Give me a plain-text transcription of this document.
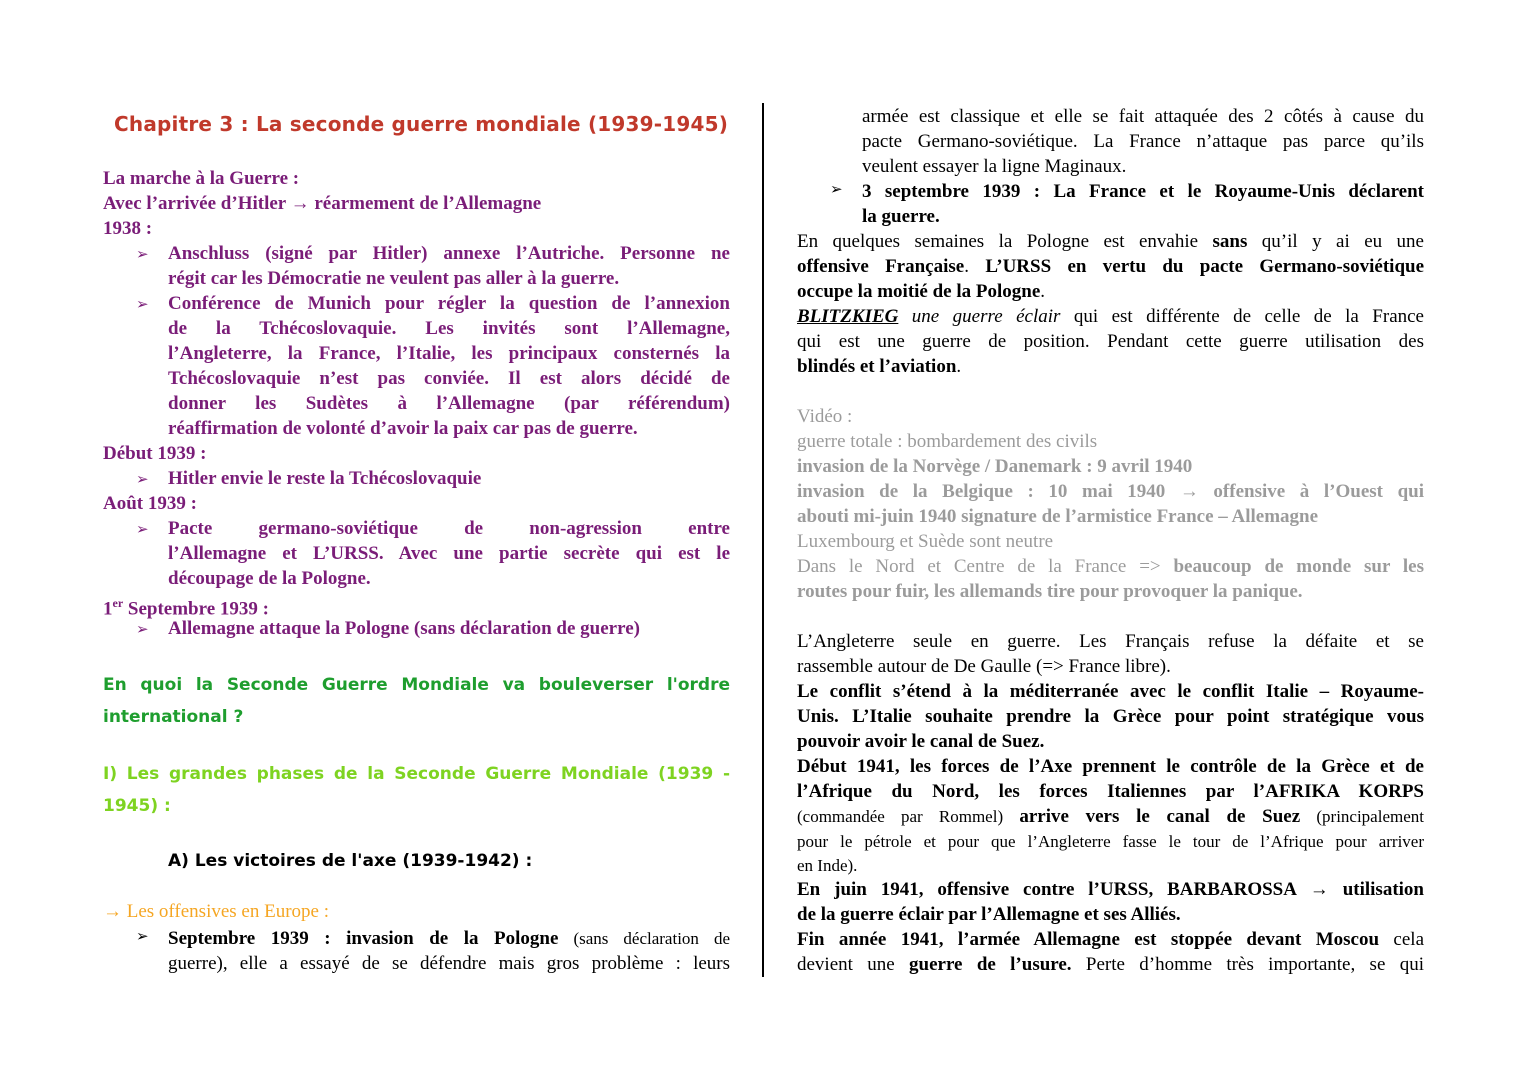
Chapitre 3 : La seconde guerre mondiale (1939-1945)
La marche à la Guerre :
Avec l’arrivée d’Hitler → réarmement de l’Allemagne
1938 :
➢ Anschluss (signé par Hitler) annexe l’Autriche. Personne ne
régit car les Démocratie ne veulent pas aller à la guerre.
➢ Conférence de Munich pour régler la question de l’annexion
de la Tchécoslovaquie. Les invités sont l’Allemagne,
l’Angleterre, la France, l’Italie, les principaux consternés la
Tchécoslovaquie n’est pas conviée. Il est alors décidé de
donner les Sudètes à l’Allemagne (par référendum)
réaffirmation de volonté d’avoir la paix car pas de guerre.
Début 1939 :
➢ Hitler envie le reste la Tchécoslovaquie
Août 1939 :
➢ Pacte germano-soviétique de non-agression entre
l’Allemagne et L’URSS. Avec une partie secrète qui est le
découpage de la Pologne.
1er Septembre 1939 :
➢ Allemagne attaque la Pologne (sans déclaration de guerre)
En quoi la Seconde Guerre Mondiale va bouleverser l'ordre
international ?
I) Les grandes phases de la Seconde Guerre Mondiale (1939 -
1945) :
A) Les victoires de l'axe (1939-1942) :
→ Les offensives en Europe :
➢ Septembre 1939 : invasion de la Pologne (sans déclaration de
guerre), elle a essayé de se défendre mais gros problème : leurs
armée est classique et elle se fait attaquée des 2 côtés à cause du
pacte Germano-soviétique. La France n’attaque pas parce qu’ils
veulent essayer la ligne Maginaux.
➢ 3 septembre 1939 : La France et le Royaume-Unis déclarent
la guerre.
En quelques semaines la Pologne est envahie sans qu’il y ai eu une
offensive Française. L’URSS en vertu du pacte Germano-soviétique
occupe la moitié de la Pologne.
BLITZKIEG une guerre éclair qui est différente de celle de la France
qui est une guerre de position. Pendant cette guerre utilisation des
blindés et l’aviation.
Vidéo :
guerre totale : bombardement des civils
invasion de la Norvège / Danemark : 9 avril 1940
invasion de la Belgique : 10 mai 1940 → offensive à l’Ouest qui
abouti mi-juin 1940 signature de l’armistice France – Allemagne
Luxembourg et Suède sont neutre
Dans le Nord et Centre de la France => beaucoup de monde sur les
routes pour fuir, les allemands tire pour provoquer la panique.
L’Angleterre seule en guerre. Les Français refuse la défaite et se
rassemble autour de De Gaulle (=> France libre).
Le conflit s’étend à la méditerranée avec le conflit Italie – Royaume-
Unis. L’Italie souhaite prendre la Grèce pour point stratégique vous
pouvoir avoir le canal de Suez.
Début 1941, les forces de l’Axe prennent le contrôle de la Grèce et de
l’Afrique du Nord, les forces Italiennes par l’AFRIKA KORPS
(commandée par Rommel) arrive vers le canal de Suez (principalement
pour le pétrole et pour que l’Angleterre fasse le tour de l’Afrique pour arriver
en Inde).
En juin 1941, offensive contre l’URSS, BARBAROSSA → utilisation
de la guerre éclair par l’Allemagne et ses Alliés.
Fin année 1941, l’armée Allemagne est stoppée devant Moscou cela
devient une guerre de l’usure. Perte d’homme très importante, se qui
